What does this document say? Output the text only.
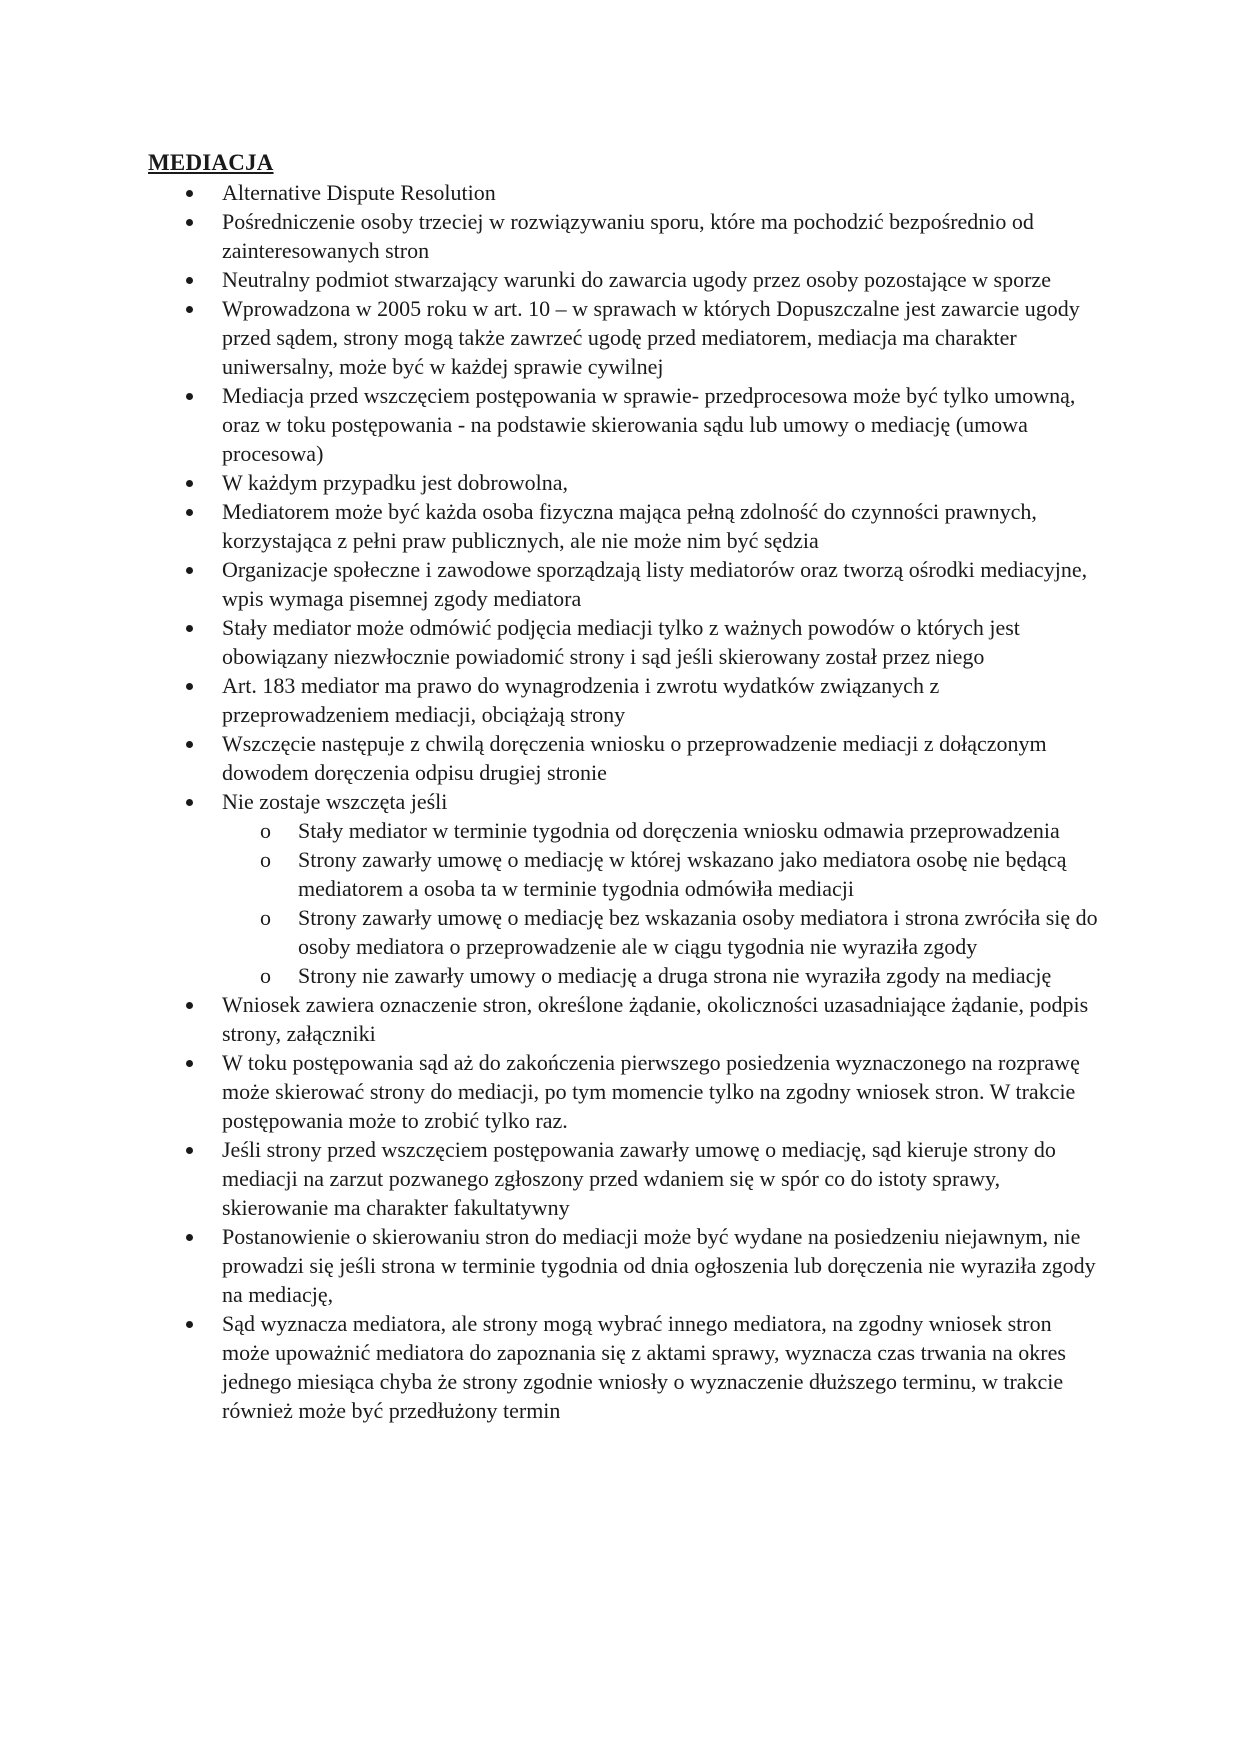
MEDIACJA
Alternative Dispute Resolution
Pośredniczenie osoby trzeciej w rozwiązywaniu sporu, które ma pochodzić bezpośrednio od zainteresowanych stron
Neutralny podmiot stwarzający warunki do zawarcia ugody przez osoby pozostające w sporze
Wprowadzona w 2005 roku w art. 10 – w sprawach w których Dopuszczalne jest zawarcie ugody przed sądem, strony mogą także zawrzeć ugodę przed mediatorem, mediacja ma charakter uniwersalny, może być w każdej sprawie cywilnej
Mediacja przed wszczęciem postępowania w sprawie- przedprocesowa może być tylko umowną, oraz w toku postępowania - na podstawie skierowania sądu lub umowy o mediację (umowa procesowa)
W każdym przypadku jest dobrowolna,
Mediatorem może być każda osoba fizyczna mająca pełną zdolność do czynności prawnych, korzystająca z pełni praw publicznych, ale nie może nim być sędzia
Organizacje społeczne i zawodowe sporządzają listy mediatorów oraz tworzą ośrodki mediacyjne, wpis wymaga pisemnej zgody mediatora
Stały mediator może odmówić podjęcia mediacji tylko z ważnych powodów o których jest obowiązany niezwłocznie powiadomić strony i sąd jeśli skierowany został przez niego
Art. 183 mediator ma prawo do wynagrodzenia i zwrotu wydatków związanych z przeprowadzeniem mediacji, obciążają strony
Wszczęcie następuje z chwilą doręczenia wniosku o przeprowadzenie mediacji z dołączonym dowodem doręczenia odpisu drugiej stronie
Nie zostaje wszczęta jeśli
o Stały mediator w terminie tygodnia od doręczenia wniosku odmawia przeprowadzenia
o Strony zawarły umowę o mediację w której wskazano jako mediatora osobę nie będącą mediatorem a osoba ta w terminie tygodnia odmówiła mediacji
o Strony zawarły umowę o mediację bez wskazania osoby mediatora i strona zwróciła się do osoby mediatora o przeprowadzenie ale w ciągu tygodnia nie wyraziła zgody
o Strony nie zawarły umowy o mediację a druga strona nie wyraziła zgody na mediację
Wniosek zawiera oznaczenie stron, określone żądanie, okoliczności uzasadniające żądanie, podpis strony, załączniki
W toku postępowania sąd aż do zakończenia pierwszego posiedzenia wyznaczonego na rozprawę może skierować strony do mediacji, po tym momencie tylko na zgodny wniosek stron. W trakcie postępowania może to zrobić tylko raz.
Jeśli strony przed wszczęciem postępowania zawarły umowę o mediację, sąd kieruje strony do mediacji na zarzut pozwanego zgłoszony przed wdaniem się w spór co do istoty sprawy, skierowanie ma charakter fakultatywny
Postanowienie o skierowaniu stron do mediacji może być wydane na posiedzeniu niejawnym, nie prowadzi się jeśli strona w terminie tygodnia od dnia ogłoszenia lub doręczenia nie wyraziła zgody na mediację,
Sąd wyznacza mediatora, ale strony mogą wybrać innego mediatora, na zgodny wniosek stron może upoważnić mediatora do zapoznania się z aktami sprawy, wyznacza czas trwania na okres jednego miesiąca chyba że strony zgodnie wniosły o wyznaczenie dłuższego terminu, w trakcie również może być przedłużony termin
